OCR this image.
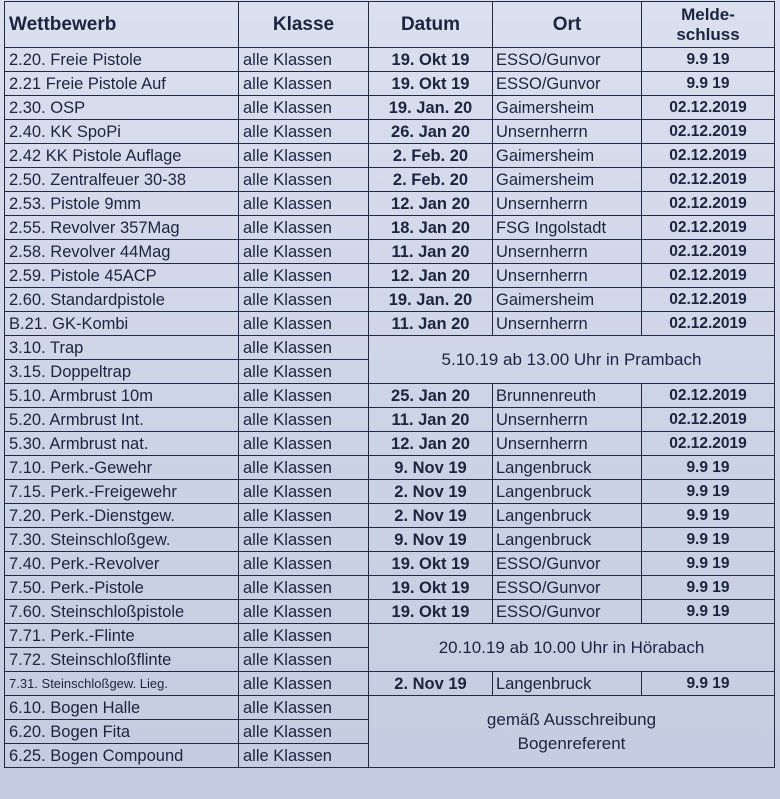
Wettbewerb	Klasse	Datum	Ort	Melde-
schluss

2.20. Freie Pistole	alle Klassen	19. Okt 19	ESSO/Gunvor	9.9 19
2.21 Freie Pistole Auf	alle Klassen	19. Okt 19	ESSO/Gunvor	9.9 19
2.30. OSP	alle Klassen	19. Jan. 20	Gaimersheim	02.12.2019
2.40. KK SpoPi	alle Klassen	26. Jan 20	Unsernherrn	02.12.2019
2.42 KK Pistole Auflage	alle Klassen	2. Feb. 20	Gaimersheim	02.12.2019
2.50. Zentralfeuer 30-38	alle Klassen	2. Feb. 20	Gaimersheim	02.12.2019
2.53. Pistole 9mm	alle Klassen	12. Jan 20	Unsernherrn	02.12.2019
2.55. Revolver 357Mag	alle Klassen	18. Jan 20	FSG Ingolstadt	02.12.2019
2.58. Revolver 44Mag	alle Klassen	11. Jan 20	Unsernherrn	02.12.2019
2.59. Pistole 45ACP	alle Klassen	12. Jan 20	Unsernherrn	02.12.2019
2.60. Standardpistole	alle Klassen	19. Jan. 20	Gaimersheim	02.12.2019
B.21. GK-Kombi	alle Klassen	11. Jan 20	Unsernherrn	02.12.2019
3.10. Trap	alle Klassen	5.10.19 ab 13.00 Uhr in Prambach		

3.15. Doppeltrap	alle Klassen			
5.10. Armbrust 10m	alle Klassen	25. Jan 20	Brunnenreuth	02.12.2019
5.20. Armbrust Int.	alle Klassen	11. Jan 20	Unsernherrn	02.12.2019
5.30. Armbrust nat.	alle Klassen	12. Jan 20	Unsernherrn	02.12.2019
7.10. Perk.-Gewehr	alle Klassen	9. Nov 19	Langenbruck	9.9 19
7.15. Perk.-Freigewehr	alle Klassen	2. Nov 19	Langenbruck	9.9 19
7.20. Perk.-Dienstgew.	alle Klassen	2. Nov 19	Langenbruck	9.9 19
7.30. Steinschloßgew.	alle Klassen	9. Nov 19	Langenbruck	9.9 19
7.40. Perk.-Revolver	alle Klassen	19. Okt 19	ESSO/Gunvor	9.9 19
7.50. Perk.-Pistole	alle Klassen	19. Okt 19	ESSO/Gunvor	9.9 19
7.60. Steinschloßpistole	alle Klassen	19. Okt 19	ESSO/Gunvor	9.9 19
7.71. Perk.-Flinte	alle Klassen	20.10.19 ab 10.00 Uhr in Hörabach		

7.72. Steinschloßflinte	alle Klassen			
7.31. Steinschloßgew. Lieg.	alle Klassen	2. Nov 19	Langenbruck	9.9 19
6.10. Bogen Halle	alle Klassen	gemäß Ausschreibung
Bogenreferent		

6.20. Bogen Fita	alle Klassen			
6.25. Bogen Compound	alle Klassen			
